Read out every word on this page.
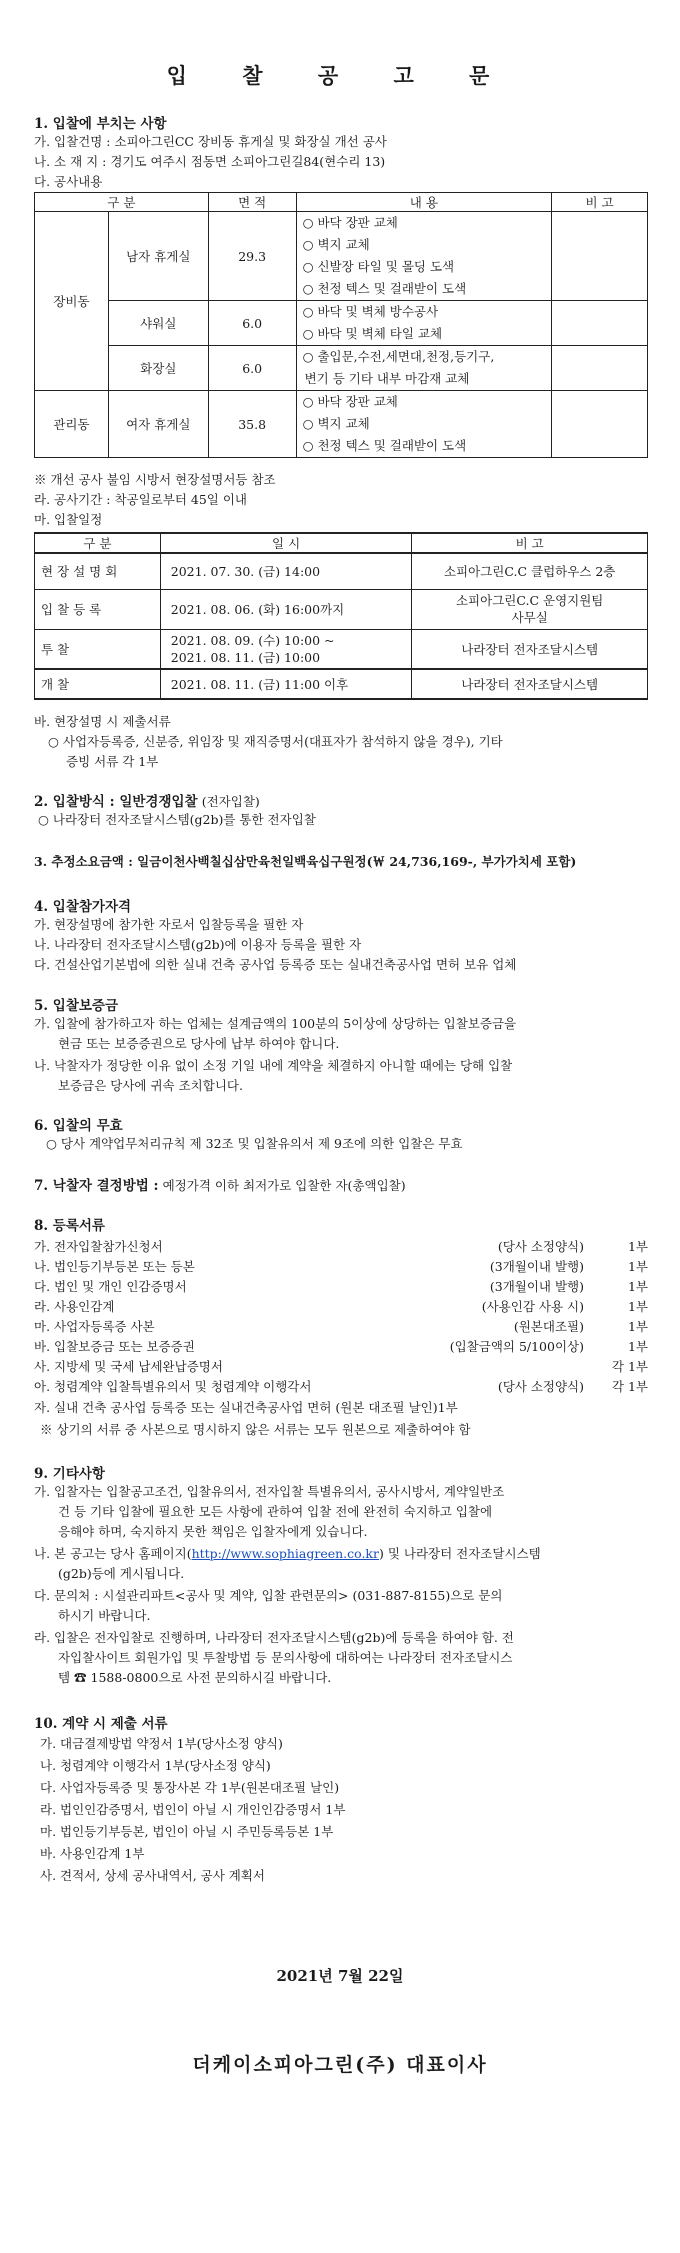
입 찰 공 고 문
1. 입찰에 부치는 사항
가. 입찰건명 : 소피아그린CC 장비동 휴게실 및 화장실 개선 공사
나. 소 재 지 : 경기도 여주시 점동면 소피아그린길84(현수리 13)
다. 공사내용
구 분		면 적	내 용	비 고
장비동	남자 휴게실	29.3	○ 바닥 장판 교체
○ 벽지 교체
○ 신발장 타일 및 몰딩 도색
○ 천정 텍스 및 걸래받이 도색	

	샤워실	6.0	○ 바닥 및 벽체 방수공사
○ 바닥 및 벽체 타일 교체	

	화장실	6.0	○ 출입문,수전,세면대,천정,등기구,
변기 등 기타 내부 마감재 교체	

관리동	여자 휴게실	35.8	○ 바닥 장판 교체
○ 벽지 교체
○ 천정 텍스 및 걸래받이 도색	

※ 개선 공사 불임 시방서 현장설명서등 참조
라. 공사기간 : 착공일로부터 45일 이내
마. 입찰일정
구 분	일 시	비 고
현 장 설 명 회	2021. 07. 30. (금) 14:00	소피아그린C.C 클럽하우스 2층
입 찰 등 록	2021. 08. 06. (화) 16:00까지	소피아그린C.C 운영지원팀
사무실

투 찰	2021. 08. 09. (수) 10:00 ~
2021. 08. 11. (금) 10:00	나라장터 전자조달시스템
개 찰	2021. 08. 11. (금) 11:00 이후	나라장터 전자조달시스템
바. 현장설명 시 제출서류
○ 사업자등록증, 신분증, 위임장 및 재직증명서(대표자가 참석하지 않을 경우), 기타
증빙 서류 각 1부
2. 입찰방식 : 일반경쟁입찰 (전자입찰)
○ 나라장터 전자조달시스템(g2b)를 통한 전자입찰
3. 추정소요금액 : 일금이천사백칠십삼만육천일백육십구원정(￦ 24,736,169-, 부가가치세 포함)
4. 입찰참가자격
가. 현장설명에 참가한 자로서 입찰등록을 필한 자
나. 나라장터 전자조달시스템(g2b)에 이용자 등록을 필한 자
다. 건설산업기본법에 의한 실내 건축 공사업 등록증 또는 실내건축공사업 면허 보유 업체
5. 입찰보증금
가. 입찰에 참가하고자 하는 업체는 설계금액의 100분의 5이상에 상당하는 입찰보증금을
현금 또는 보증증권으로 당사에 납부 하여야 합니다.
나. 낙찰자가 정당한 이유 없이 소정 기일 내에 계약을 체결하지 아니할 때에는 당해 입찰
보증금은 당사에 귀속 조치합니다.
6. 입찰의 무효
○ 당사 계약업무처리규칙 제 32조 및 입찰유의서 제 9조에 의한 입찰은 무효
7. 낙찰자 결정방법 : 예정가격 이하 최저가로 입찰한 자(총액입찰)
8. 등록서류
가. 전자입찰참가신청서	(당사 소정양식)	1부
나. 법인등기부등본 또는 등본	(3개월이내 발행)	1부
다. 법인 및 개인 인감증명서	(3개월이내 발행)	1부
라. 사용인감계	(사용인감 사용 시)	1부
마. 사업자등록증 사본	(원본대조필)	1부
바. 입찰보증금 또는 보증증권	(입찰금액의 5/100이상)	1부
사. 지방세 및 국세 납세완납증명서		각 1부
아. 청렴계약 입찰특별유의서 및 청렴계약 이행각서	(당사 소정양식)	각 1부
자. 실내 건축 공사업 등록증 또는 실내건축공사업 면허 (원본 대조필 날인)1부
※ 상기의 서류 중 사본으로 명시하지 않은 서류는 모두 원본으로 제출하여야 함
9. 기타사항
가. 입찰자는 입찰공고조건, 입찰유의서, 전자입찰 특별유의서, 공사시방서, 계약일반조
건 등 기타 입찰에 필요한 모든 사항에 관하여 입찰 전에 완전히 숙지하고 입찰에
응해야 하며, 숙지하지 못한 책임은 입찰자에게 있습니다.
나. 본 공고는 당사 홈페이지(http://www.sophiagreen.co.kr) 및 나라장터 전자조달시스템
(g2b)등에 게시됩니다.
다. 문의처 : 시설관리파트<공사 및 계약, 입찰 관련문의> (031-887-8155)으로 문의
하시기 바랍니다.
라. 입찰은 전자입찰로 진행하며, 나라장터 전자조달시스템(g2b)에 등록을 하여야 함. 전
자입찰사이트 회원가입 및 투찰방법 등 문의사항에 대하여는 나라장터 전자조달시스
템 ☎ 1588-0800으로 사전 문의하시길 바랍니다.
10. 계약 시 제출 서류
가. 대금결제방법 약정서 1부(당사소정 양식)
나. 청렴계약 이행각서 1부(당사소정 양식)
다. 사업자등록증 및 통장사본 각 1부(원본대조필 날인)
라. 법인인감증명서, 법인이 아닐 시 개인인감증명서 1부
마. 법인등기부등본, 법인이 아닐 시 주민등록등본 1부
바. 사용인감계 1부
사. 견적서, 상세 공사내역서, 공사 계획서
2021년 7월 22일
더케이소피아그린(주) 대표이사
